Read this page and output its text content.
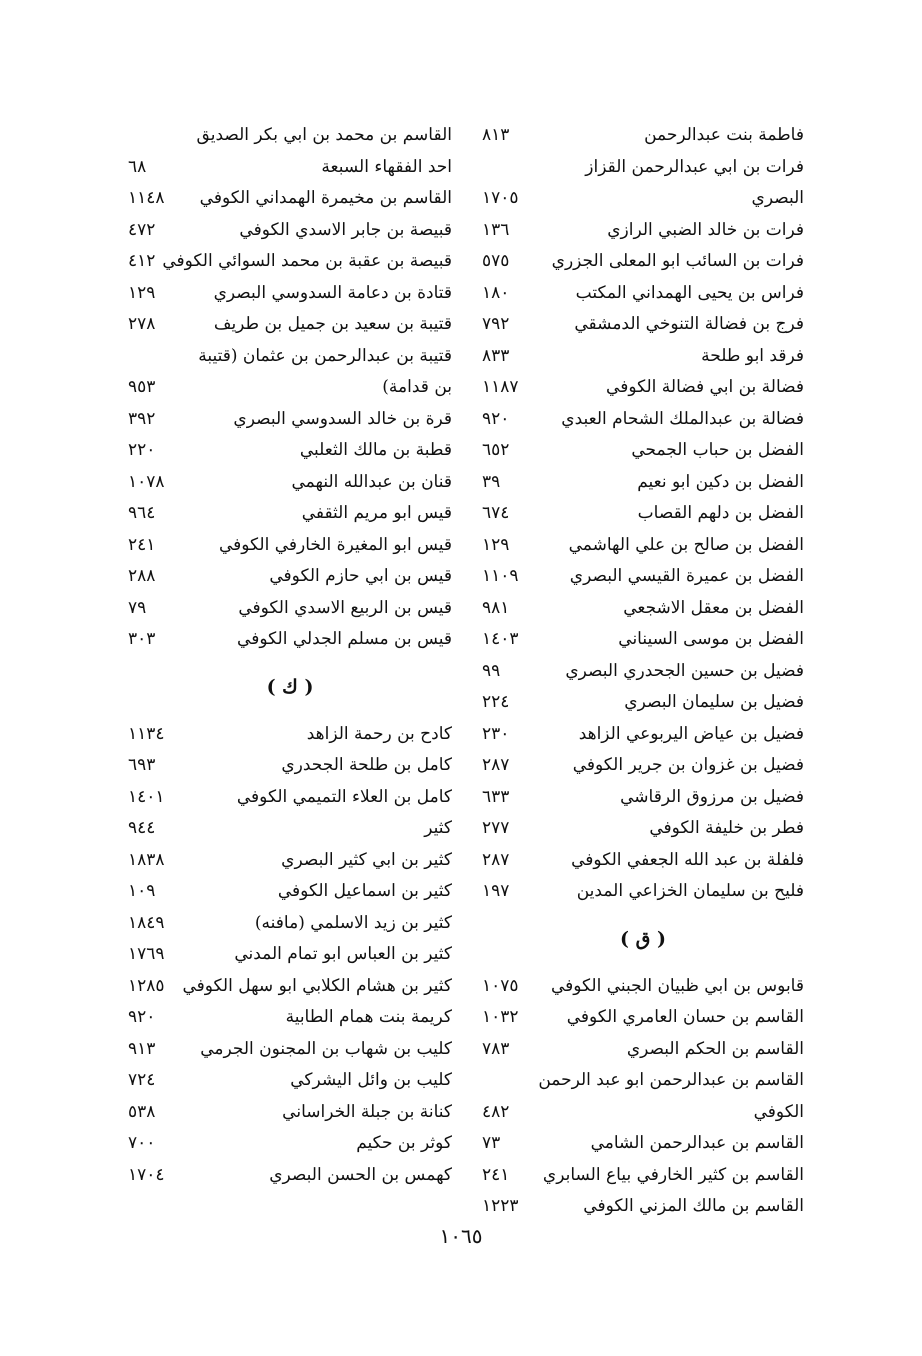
فاطمة بنت عبدالرحمن
٨١٣
فرات بن ابي عبدالرحمن القزاز
البصري
١٧٠٥
فرات بن خالد الضبي الرازي
١٣٦
فرات بن السائب ابو المعلى الجزري
٥٧٥
فراس بن يحيى الهمداني المكتب
١٨٠
فرج بن فضالة التنوخي الدمشقي
٧٩٢
فرقد ابو طلحة
٨٣٣
فضالة بن ابي فضالة الكوفي
١١٨٧
فضالة بن عبدالملك الشحام العبدي
٩٢٠
الفضل بن حباب الجمحي
٦٥٢
الفضل بن دكين ابو نعيم
٣٩
الفضل بن دلهم القصاب
٦٧٤
الفضل بن صالح بن علي الهاشمي
١٢٩
الفضل بن عميرة القيسي البصري
١١٠٩
الفضل بن معقل الاشجعي
٩٨١
الفضل بن موسى السيناني
١٤٠٣
فضيل بن حسين الجحدري البصري
٩٩
فضيل بن سليمان البصري
٢٢٤
فضيل بن عياض اليربوعي الزاهد
٢٣٠
فضيل بن غزوان بن جرير الكوفي
٢٨٧
فضيل بن مرزوق الرقاشي
٦٣٣
فطر بن خليفة الكوفي
٢٧٧
فلفلة بن عبد الله الجعفي الكوفي
٢٨٧
فليح بن سليمان الخزاعي المدين
١٩٧
( ق )
قابوس بن ابي ظبيان الجبني الكوفي
١٠٧٥
القاسم بن حسان العامري الكوفي
١٠٣٢
القاسم بن الحكم البصري
٧٨٣
القاسم بن عبدالرحمن ابو عبد الرحمن
الكوفي
٤٨٢
القاسم بن عبدالرحمن الشامي
٧٣
القاسم بن كثير الخارفي بياع السابري
٢٤١
القاسم بن مالك المزني الكوفي
١٢٢٣
القاسم بن محمد بن ابي بكر الصديق
احد الفقهاء السبعة
٦٨
القاسم بن مخيمرة الهمداني الكوفي
١١٤٨
قبيصة بن جابر الاسدي الكوفي
٤٧٢
قبيصة بن عقبة بن محمد السوائي الكوفي
٤١٢
قتادة بن دعامة السدوسي البصري
١٢٩
قتيبة بن سعيد بن جميل بن طريف
٢٧٨
قتيبة بن عبدالرحمن بن عثمان (قتيبة
بن قدامة)
٩٥٣
قرة بن خالد السدوسي البصري
٣٩٢
قطبة بن مالك الثعلبي
٢٢٠
قنان بن عبدالله النهمي
١٠٧٨
قيس ابو مريم الثقفي
٩٦٤
قيس ابو المغيرة الخارفي الكوفي
٢٤١
قيس بن ابي حازم الكوفي
٢٨٨
قيس بن الربيع الاسدي الكوفي
٧٩
قيس بن مسلم الجدلي الكوفي
٣٠٣
( ك )
كادح بن رحمة الزاهد
١١٣٤
كامل بن طلحة الجحدري
٦٩٣
كامل بن العلاء التميمي الكوفي
١٤٠١
كثير
٩٤٤
كثير بن ابي كثير البصري
١٨٣٨
كثير بن اسماعيل الكوفي
١٠٩
كثير بن زيد الاسلمي (مافنه)
١٨٤٩
كثير بن العباس ابو تمام المدني
١٧٦٩
كثير بن هشام الكلابي ابو سهل الكوفي
١٢٨٥
كريمة بنت همام الطابية
٩٢٠
كليب بن شهاب بن المجنون الجرمي
٩١٣
كليب بن وائل اليشركي
٧٢٤
كنانة بن جبلة الخراساني
٥٣٨
كوثر بن حكيم
٧٠٠
كهمس بن الحسن البصري
١٧٠٤
١٠٦٥
